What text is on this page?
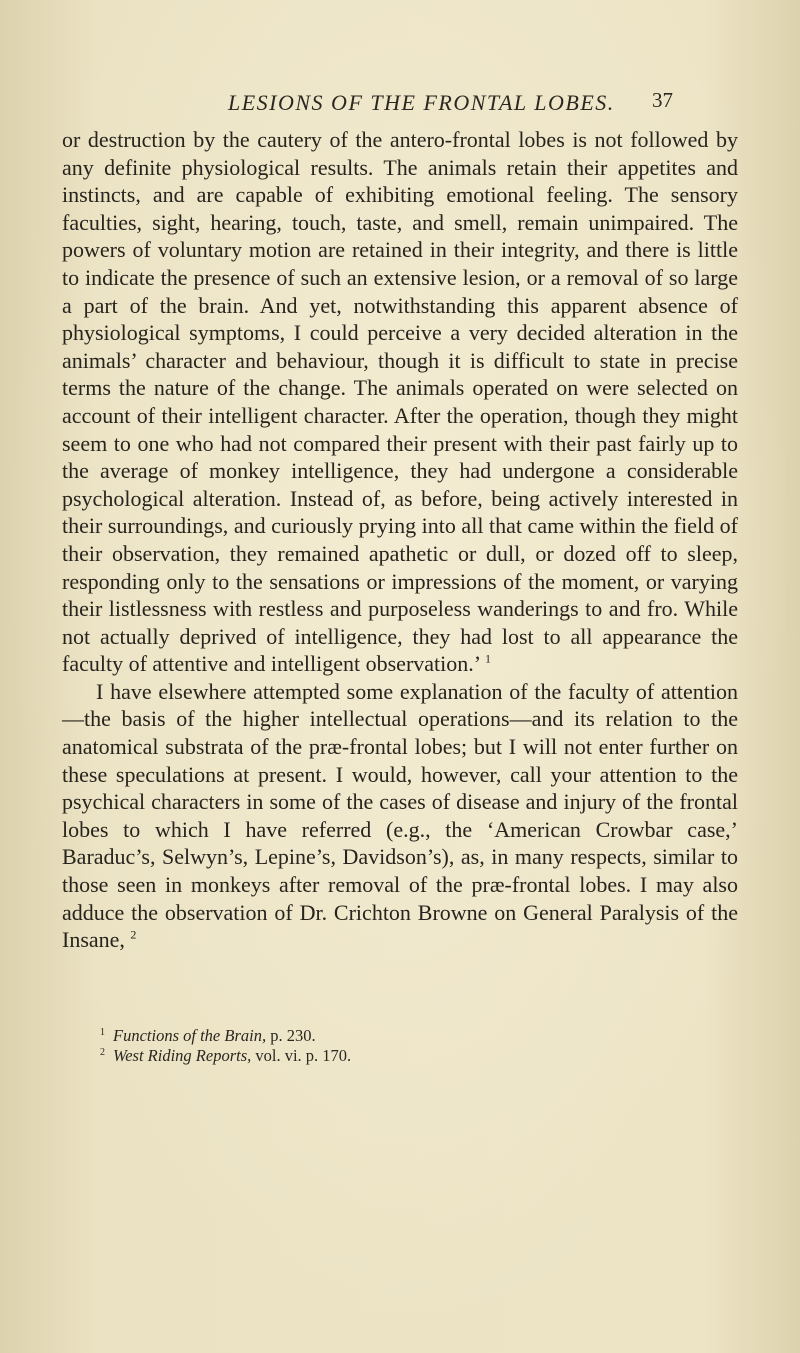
LESIONS OF THE FRONTAL LOBES. 37

or destruction by the cautery of the antero-frontal lobes is not followed by any definite physiological results. The animals retain their appetites and instincts, and are capable of exhibiting emotional feeling. The sensory faculties, sight, hearing, touch, taste, and smell, remain unimpaired. The powers of voluntary motion are retained in their integrity, and there is little to indicate the presence of such an extensive lesion, or a removal of so large a part of the brain. And yet, notwithstanding this apparent absence of physiological symptoms, I could perceive a very decided alteration in the animals’ character and behaviour, though it is difficult to state in precise terms the nature of the change. The animals operated on were selected on account of their intelligent character. After the operation, though they might seem to one who had not compared their present with their past fairly up to the average of monkey intelligence, they had undergone a considerable psychological alteration. Instead of, as before, being actively interested in their surroundings, and curiously prying into all that came within the field of their observation, they remained apathetic or dull, or dozed off to sleep, responding only to the sensations or impressions of the moment, or varying their listlessness with restless and purposeless wanderings to and fro. While not actually deprived of intelligence, they had lost to all appearance the faculty of attentive and intelligent observation.’ $^1$

I have elsewhere attempted some explanation of the faculty of attention—the basis of the higher intellectual operations—and its relation to the anatomical substrata of the præ-frontal lobes; but I will not enter further on these speculations at present. I would, however, call your attention to the psychical characters in some of the cases of disease and injury of the frontal lobes to which I have referred (e.g., the ‘American Crowbar case,’ Baraduc’s, Selwyn’s, Lepine’s, Davidson’s), as, in many respects, similar to those seen in monkeys after removal of the præ-frontal lobes. I may also adduce the observation of Dr. Crichton Browne on General Paralysis of the Insane, $^2$

$^1$ Functions of the Brain, p. 230.

$^2$ West Riding Reports, vol. vi. p. 170.
